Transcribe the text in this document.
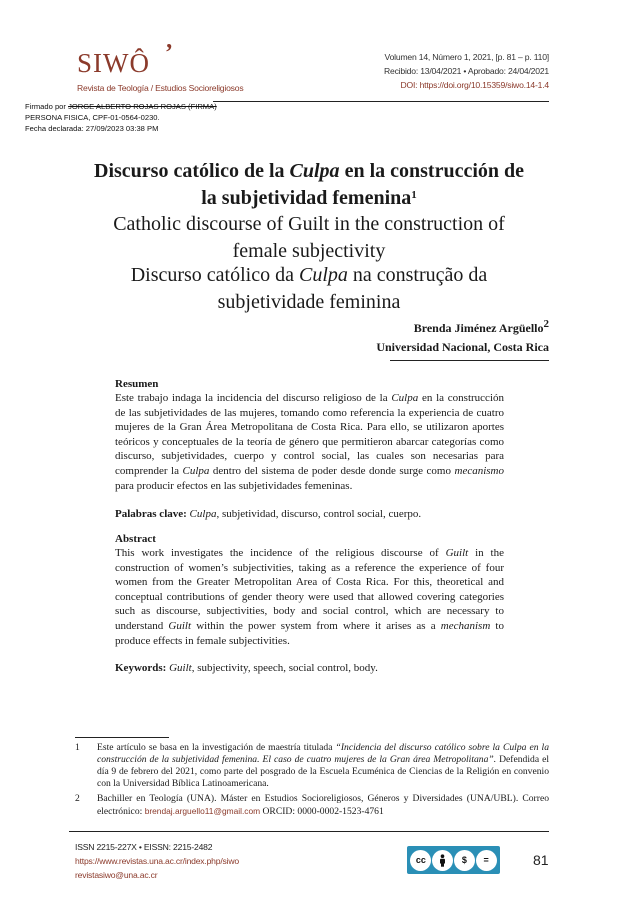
SIWÔ ’
Revista de Teología / Estudios Socioreligiosos
Volumen 14, Número 1, 2021, [p. 81 – p. 110]
Recibido: 13/04/2021 • Aprobado: 24/04/2021
DOI: https://doi.org/10.15359/siwo.14-1.4
Firmado por JORGE ALBERTO ROJAS ROJAS (FIRMA)
PERSONA FISICA, CPF-01-0564-0230.
Fecha declarada: 27/09/2023 03:38 PM
Discurso católico de la Culpa en la construcción de
la subjetividad femenina$^1$
Catholic discourse of Guilt in the construction of
female subjectivity
Discurso católico da Culpa na construção da
subjetividade feminina
Brenda Jiménez Argüello$^2$
Universidad Nacional, Costa Rica
Resumen
Este trabajo indaga la incidencia del discurso religioso de la Culpa en la construcción de las subjetividades de las mujeres, tomando como referencia la experiencia de cuatro mujeres de la Gran Área Metropolitana de Costa Rica. Para ello, se utilizaron aportes teóricos y conceptuales de la teoría de género que permitieron abarcar categorías como discurso, subjetividades, cuerpo y control social, las cuales son necesarias para comprender la Culpa dentro del sistema de poder desde donde surge como mecanismo para producir efectos en las subjetividades femeninas.
Palabras clave: Culpa, subjetividad, discurso, control social, cuerpo.
Abstract
This work investigates the incidence of the religious discourse of Guilt in the construction of women’s subjectivities, taking as a reference the experience of four women from the Greater Metropolitan Area of Costa Rica. For this, theoretical and conceptual contributions of gender theory were used that allowed covering categories such as discourse, subjectivities, body and social control, which are necessary to understand Guilt within the power system from where it arises as a mechanism to produce effects in female subjectivities.
Keywords: Guilt, subjectivity, speech, social control, body.
1 Este artículo se basa en la investigación de maestría titulada “Incidencia del discurso católico sobre la Culpa en la construcción de la subjetividad femenina. El caso de cuatro mujeres de la Gran área Metropolitana”. Defendida el día 9 de febrero del 2021, como parte del posgrado de la Escuela Ecuménica de Ciencias de la Religión en convenio con la Universidad Bíblica Latinoamericana.
2 Bachiller en Teología (UNA). Máster en Estudios Socioreligiosos, Géneros y Diversidades (UNA/UBL). Correo electrónico: brendaj.arguello11@gmail.com ORCID: 0000-0002-1523-4761
ISSN 2215-227X • EISSN: 2215-2482
https://www.revistas.una.ac.cr/index.php/siwo
revistasiwo@una.ac.cr
cc	$	=	81
